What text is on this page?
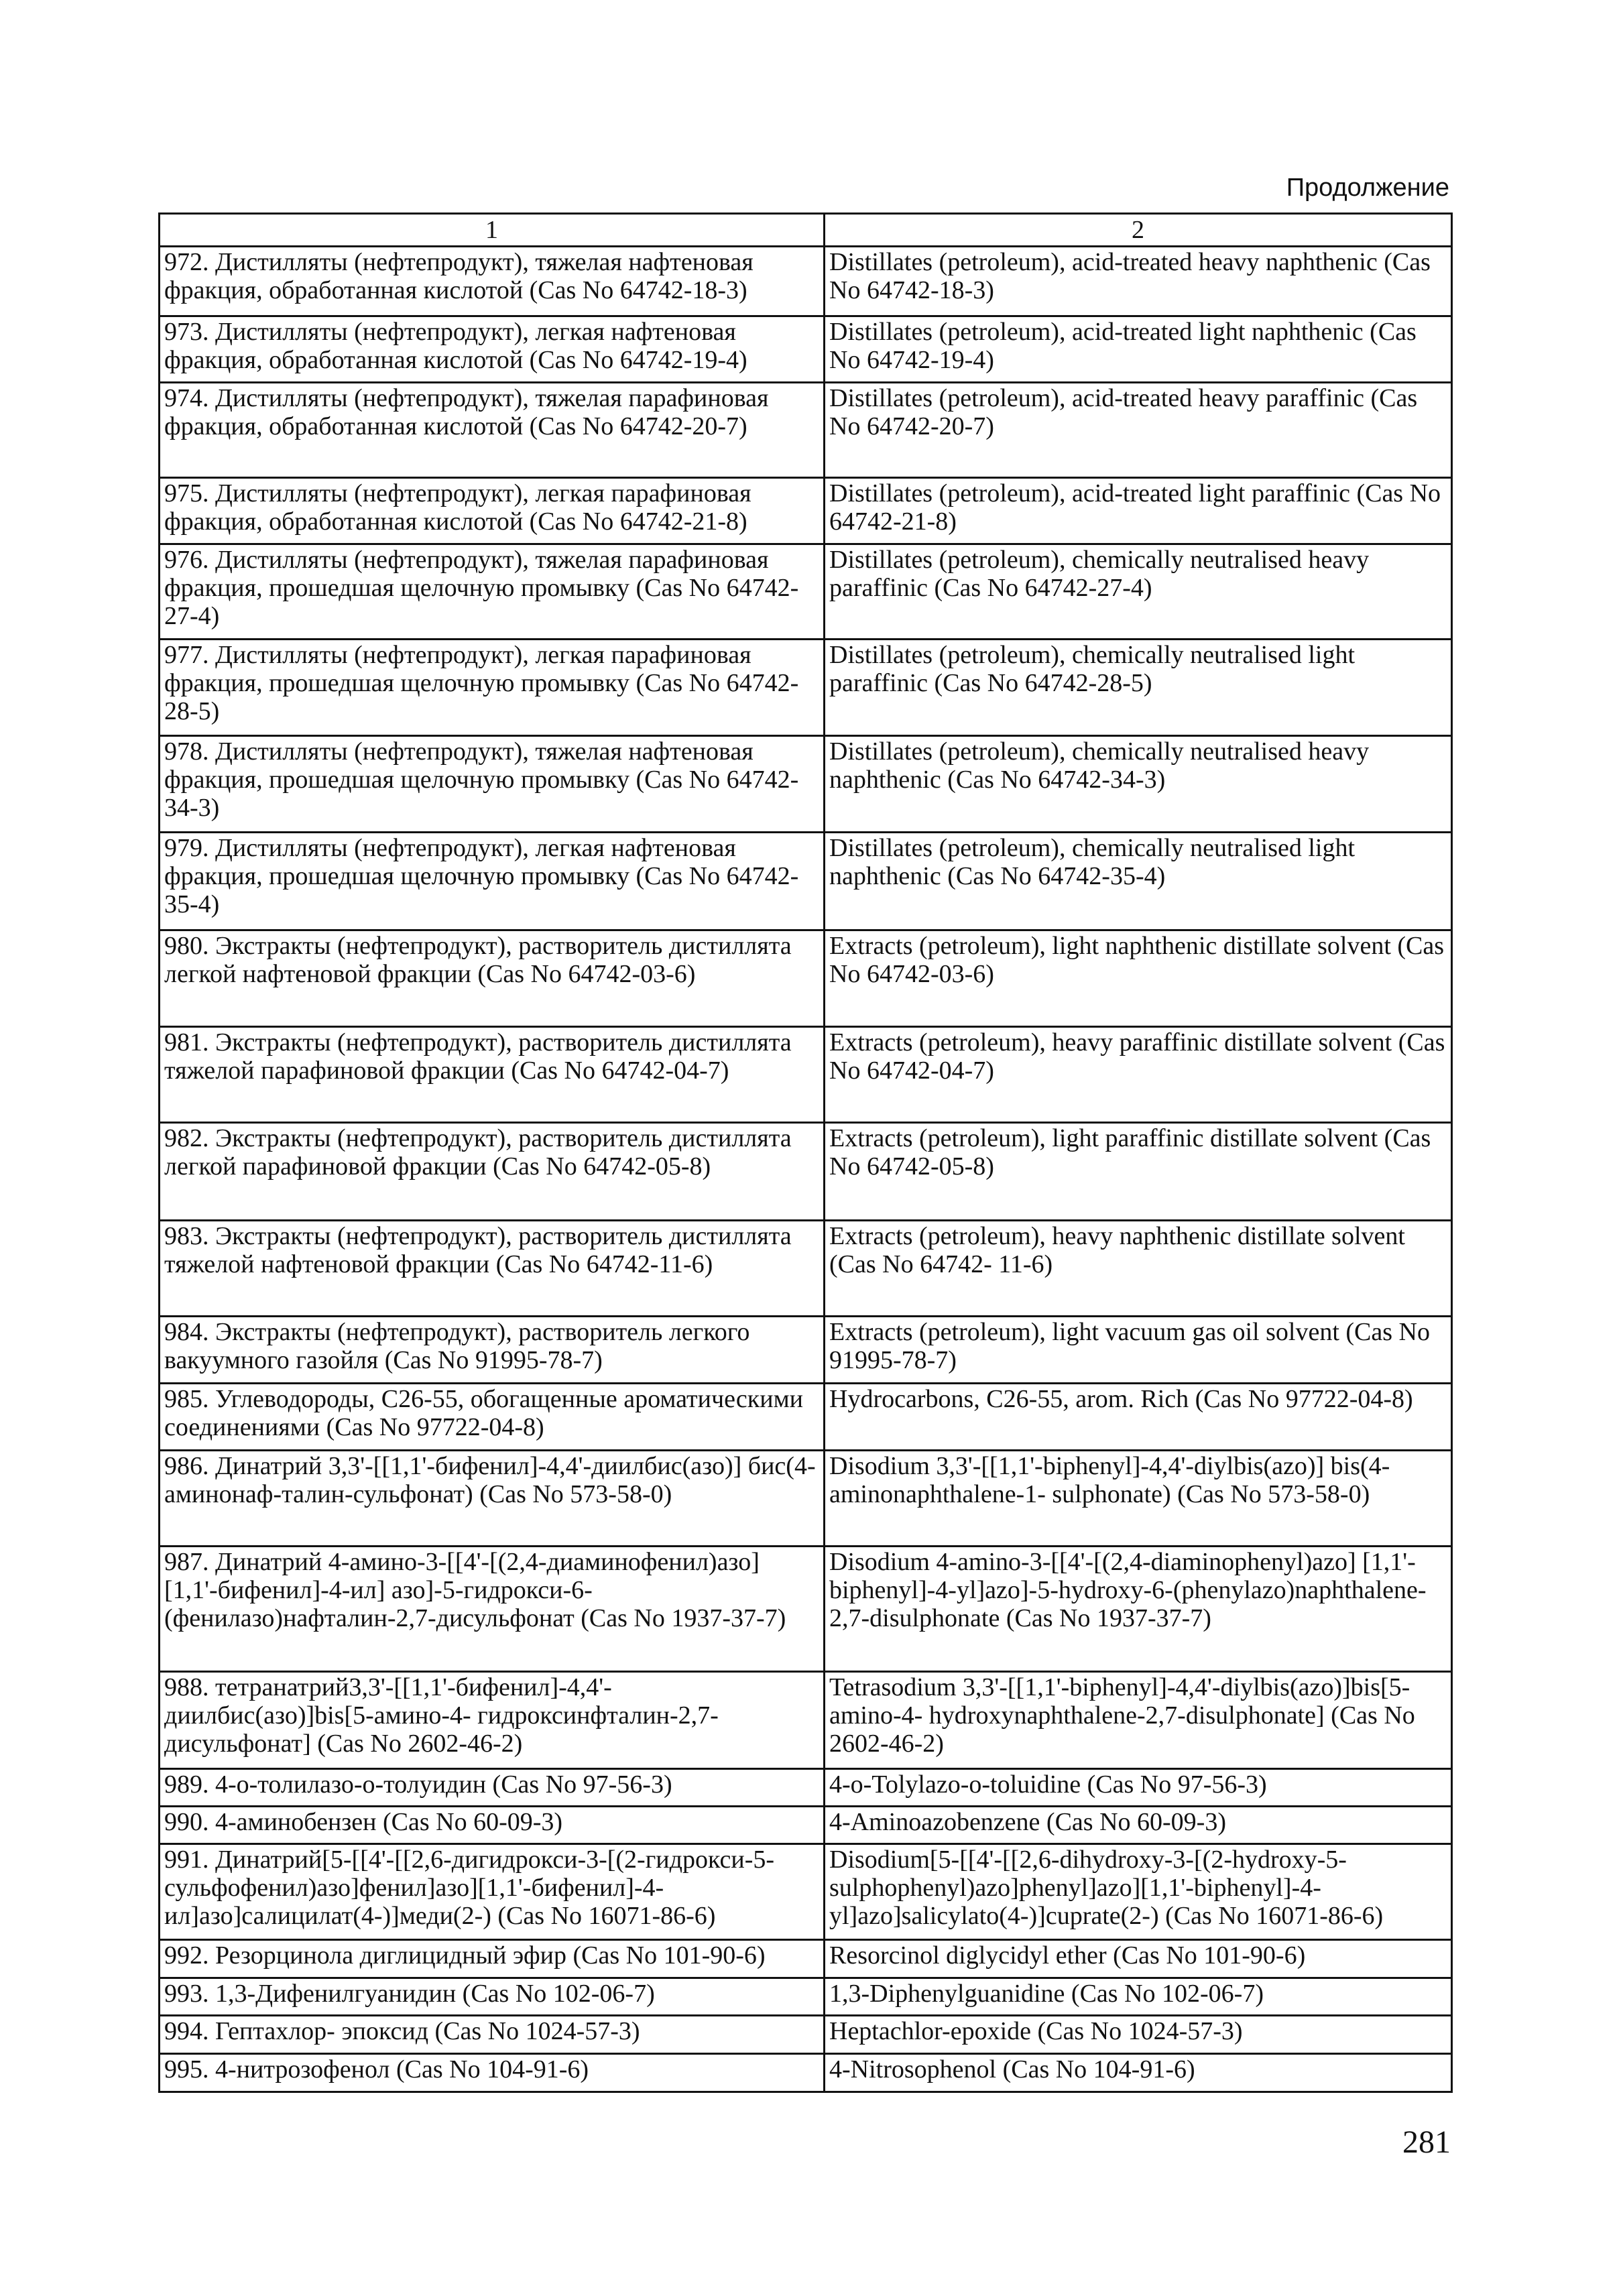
Продолжение
1	2
972. Дистилляты (нефтепродукт), тяжелая нафтеновая фракция, обработанная кислотой (Cas No 64742-18-3)	Distillates (petroleum), acid-treated heavy naphthenic (Cas No 64742-18-3)
973. Дистилляты (нефтепродукт), легкая нафтеновая фракция, обработанная кислотой (Cas No 64742-19-4)	Distillates (petroleum), acid-treated light naphthenic (Cas No 64742-19-4)
974. Дистилляты (нефтепродукт), тяжелая парафиновая фракция, обработанная кислотой (Cas No 64742-20-7)	Distillates (petroleum), acid-treated heavy paraffinic (Cas No 64742-20-7)
975. Дистилляты (нефтепродукт), легкая парафиновая фракция, обработанная кислотой (Cas No 64742-21-8)	Distillates (petroleum), acid-treated light paraffinic (Cas No 64742-21-8)
976. Дистилляты (нефтепродукт), тяжелая парафиновая фракция, прошедшая щелочную промывку (Cas No 64742-27-4)	Distillates (petroleum), chemically neutralised heavy paraffinic (Cas No 64742-27-4)
977. Дистилляты (нефтепродукт), легкая парафиновая фракция, прошедшая щелочную промывку (Cas No 64742-28-5)	Distillates (petroleum), chemically neutralised light paraffinic (Cas No 64742-28-5)
978. Дистилляты (нефтепродукт), тяжелая нафтеновая фракция, прошедшая щелочную промывку (Cas No 64742-34-3)	Distillates (petroleum), chemically neutralised heavy naphthenic (Cas No 64742-34-3)
979. Дистилляты (нефтепродукт), легкая нафтеновая фракция, прошедшая щелочную промывку (Cas No 64742-35-4)	Distillates (petroleum), chemically neutralised light naphthenic (Cas No 64742-35-4)
980. Экстракты (нефтепродукт), растворитель дистиллята легкой нафтеновой фракции (Cas No 64742-03-6)	Extracts (petroleum), light naphthenic distillate solvent (Cas No 64742-03-6)
981. Экстракты (нефтепродукт), растворитель дистиллята тяжелой парафиновой фракции (Cas No 64742-04-7)	Extracts (petroleum), heavy paraffinic distillate solvent (Cas No 64742-04-7)
982. Экстракты (нефтепродукт), растворитель дистиллята легкой парафиновой фракции (Cas No 64742-05-8)	Extracts (petroleum), light paraffinic distillate solvent (Cas No 64742-05-8)
983. Экстракты (нефтепродукт), растворитель дистиллята тяжелой нафтеновой фракции (Cas No 64742-11-6)	Extracts (petroleum), heavy naphthenic distillate solvent (Cas No 64742- 11-6)
984. Экстракты (нефтепродукт), растворитель легкого вакуумного газойля (Cas No 91995-78-7)	Extracts (petroleum), light vacuum gas oil solvent (Cas No 91995-78-7)
985. Углеводороды, C26-55, обогащенные ароматическими соединениями (Cas No 97722-04-8)	Hydrocarbons, C26-55, arom. Rich (Cas No 97722-04-8)
986. Динатрий 3,3'-[[1,1'-бифенил]-4,4'-диилбис(азо)] бис(4-аминонаф-талин-сульфонат) (Cas No 573-58-0)	Disodium 3,3'-[[1,1'-biphenyl]-4,4'-diylbis(azo)] bis(4-aminonaphthalene-1- sulphonate) (Cas No 573-58-0)
987. Динатрий 4-амино-3-[[4'-[(2,4-диаминофенил)азо] [1,1'-бифенил]-4-ил] азо]-5-гидрокси-6-(фенилазо)нафталин-2,7-дисульфонат (Cas No 1937-37-7)	Disodium 4-amino-3-[[4'-[(2,4-diaminophenyl)azo] [1,1'-biphenyl]-4-yl]azo]-5-hydroxy-6-(phenylazo)naphthalene-2,7-disulphonate (Cas No 1937-37-7)
988. тетранатрий3,3'-[[1,1'-бифенил]-4,4'-диилбис(азо)]bis[5-амино-4- гидроксинфталин-2,7-дисульфонат] (Cas No 2602-46-2)	Tetrasodium 3,3'-[[1,1'-biphenyl]-4,4'-diylbis(azo)]bis[5-amino-4- hydroxynaphthalene-2,7-disulphonate] (Cas No 2602-46-2)
989. 4-о-толилазо-о-толуидин (Cas No 97-56-3)	4-o-Tolylazo-o-toluidine (Cas No 97-56-3)
990. 4-аминобензен (Cas No 60-09-3)	4-Aminoazobenzene (Cas No 60-09-3)
991. Динатрий[5-[[4'-[[2,6-дигидрокси-3-[(2-гидрокси-5-сульфофенил)азо]фенил]азо][1,1'-бифенил]-4-ил]азо]салицилат(4-)]меди(2-) (Cas No 16071-86-6)	Disodium[5-[[4'-[[2,6-dihydroxy-3-[(2-hydroxy-5-sulphophenyl)azo]phenyl]azo][1,1'-biphenyl]-4-yl]azo]salicylato(4-)]cuprate(2-) (Cas No 16071-86-6)
992. Резорцинола диглицидный эфир (Cas No 101-90-6)	Resorcinol diglycidyl ether (Cas No 101-90-6)
993. 1,3-Дифенилгуанидин (Cas No 102-06-7)	1,3-Diphenylguanidine (Cas No 102-06-7)
994. Гептахлор- эпоксид (Cas No 1024-57-3)	Heptachlor-epoxide (Cas No 1024-57-3)
995. 4-нитрозофенол (Cas No 104-91-6)	4-Nitrosophenol (Cas No 104-91-6)
281
